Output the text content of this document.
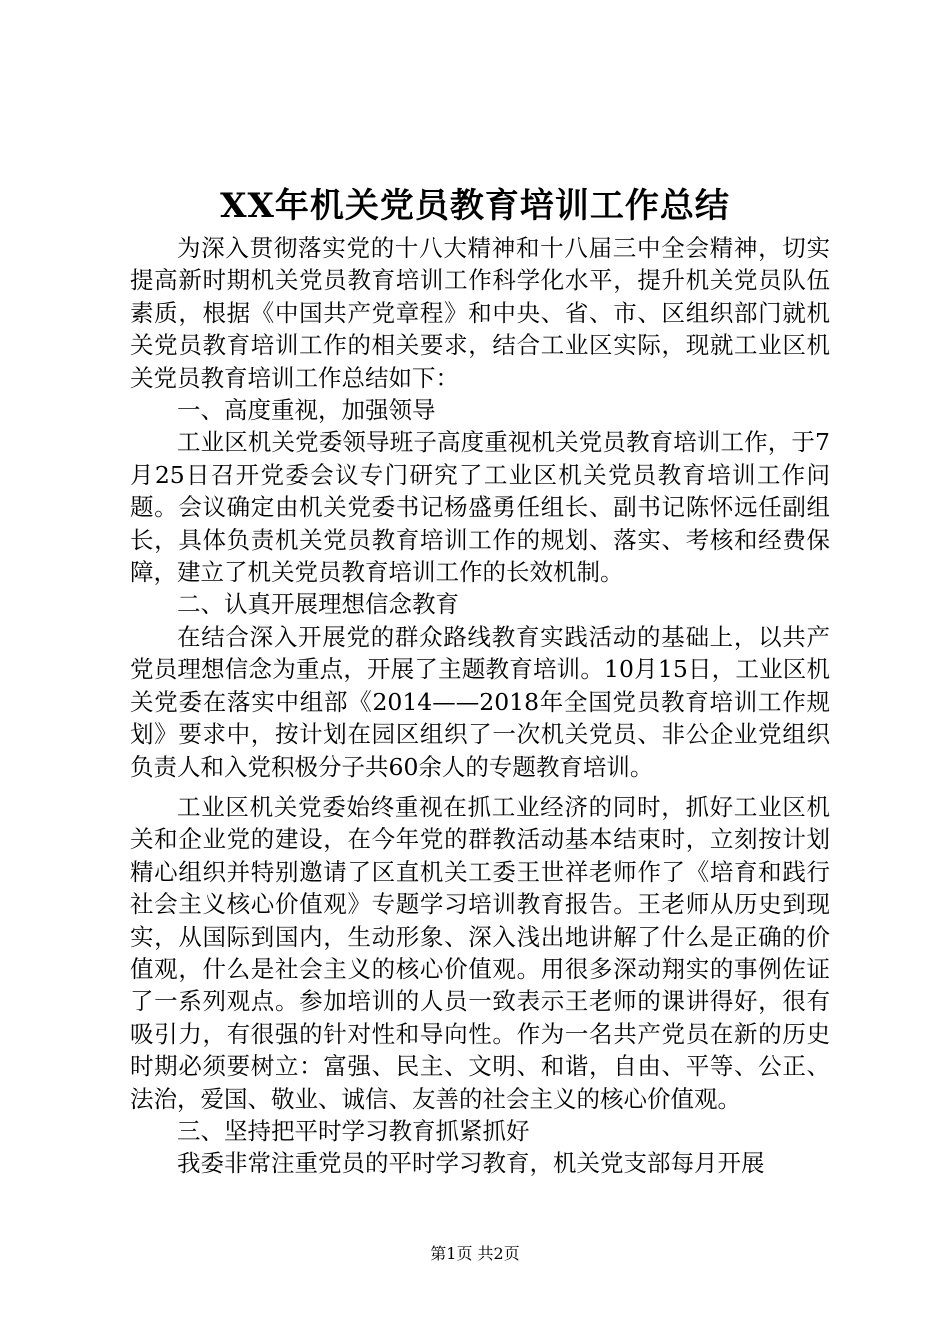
XX年机关党员教育培训工作总结

为深入贯彻落实党的十八大精神和十八届三中全会精神，切实提高新时期机关党员教育培训工作科学化水平，提升机关党员队伍素质，根据《中国共产党章程》和中央、省、市、区组织部门就机关党员教育培训工作的相关要求，结合工业区实际，现就工业区机关党员教育培训工作总结如下：

一、高度重视，加强领导

工业区机关党委领导班子高度重视机关党员教育培训工作，于7月25日召开党委会议专门研究了工业区机关党员教育培训工作问题。会议确定由机关党委书记杨盛勇任组长、副书记陈怀远任副组长，具体负责机关党员教育培训工作的规划、落实、考核和经费保障，建立了机关党员教育培训工作的长效机制。

二、认真开展理想信念教育

在结合深入开展党的群众路线教育实践活动的基础上，以共产党员理想信念为重点，开展了主题教育培训。10月15日，工业区机关党委在落实中组部《2014——2018年全国党员教育培训工作规划》要求中，按计划在园区组织了一次机关党员、非公企业党组织负责人和入党积极分子共60余人的专题教育培训。

工业区机关党委始终重视在抓工业经济的同时，抓好工业区机关和企业党的建设，在今年党的群教活动基本结束时，立刻按计划精心组织并特别邀请了区直机关工委王世祥老师作了《培育和践行社会主义核心价值观》专题学习培训教育报告。王老师从历史到现实，从国际到国内，生动形象、深入浅出地讲解了什么是正确的价值观，什么是社会主义的核心价值观。用很多深动翔实的事例佐证了一系列观点。参加培训的人员一致表示王老师的课讲得好，很有吸引力，有很强的针对性和导向性。作为一名共产党员在新的历史时期必须要树立：富强、民主、文明、和谐，自由、平等、公正、法治，爱国、敬业、诚信、友善的社会主义的核心价值观。

三、坚持把平时学习教育抓紧抓好

我委非常注重党员的平时学习教育，机关党支部每月开展

第1页 共2页
